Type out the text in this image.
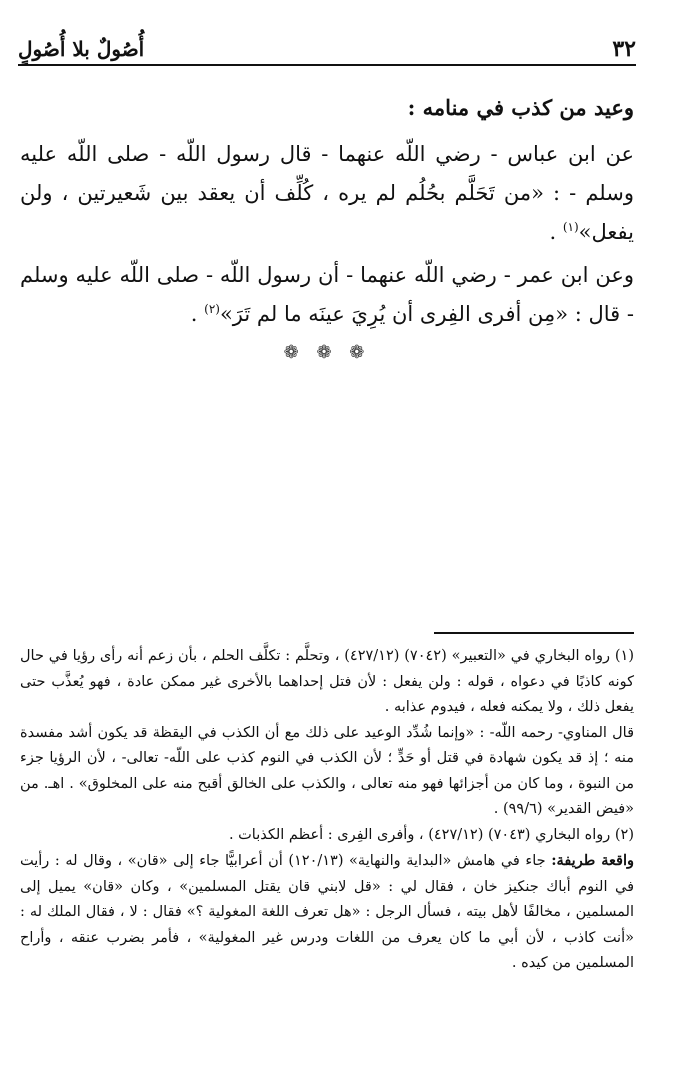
٣٢
أُصُولٌ بلا أُصُولٍ

وعيد من كذب في منامه :

عن ابن عباس - رضي اللّه عنهما - قال رسول اللّه - صلى اللّه عليه وسلم - : «من تَحَلَّم بحُلُم لم يره ، كُلِّف أن يعقد بين شَعيرتين ، ولن يفعل»$^{(١)}$ .

وعن ابن عمر - رضي اللّه عنهما - أن رسول اللّه - صلى اللّه عليه وسلم - قال : «مِن أفرى الفِرى أن يُرِيَ عينَه ما لم تَرَ»$^{(٢)}$ .

❁ ❁ ❁

(١) رواه البخاري في «التعبير» (٧٠٤٢) (٤٢٧/١٢) ، وتحلَّم : تكلَّف الحلم ، بأن زعم أنه رأى رؤيا في حال كونه كاذبًا في دعواه ، قوله : ولن يفعل : لأن فتل إحداهما بالأخرى غير ممكن عادة ، فهو يُعذَّب حتى يفعل ذلك ، ولا يمكنه فعله ، فيدوم عذابه .

قال المناوي- رحمه اللّه- : «وإنما شُدِّد الوعيد على ذلك مع أن الكذب في اليقظة قد يكون أشد مفسدة منه ؛ إذ قد يكون شهادة في قتل أو حَدٍّ ؛ لأن الكذب في النوم كذب على اللّه- تعالى- ، لأن الرؤيا جزء من النبوة ، وما كان من أجزائها فهو منه تعالى ، والكذب على الخالق أقبح منه على المخلوق» . اهـ. من «فيض القدير» (٩٩/٦) .

(٢) رواه البخاري (٧٠٤٣) (٤٢٧/١٢) ، وأفرى الفِرى : أعظم الكذبات .

واقعة طريفة: جاء في هامش «البداية والنهاية» (١٢٠/١٣) أن أعرابيًّا جاء إلى «قان» ، وقال له : رأيت في النوم أباك جنكيز خان ، فقال لي : «قل لابني قان يقتل المسلمين» ، وكان «قان» يميل إلى المسلمين ، مخالفًا لأهل بيته ، فسأل الرجل : «هل تعرف اللغة المغولية ؟» فقال : لا ، فقال الملك له : «أنت كاذب ، لأن أبي ما كان يعرف من اللغات ودرس غير المغولية» ، فأمر بضرب عنقه ، وأراح المسلمين من كيده .
